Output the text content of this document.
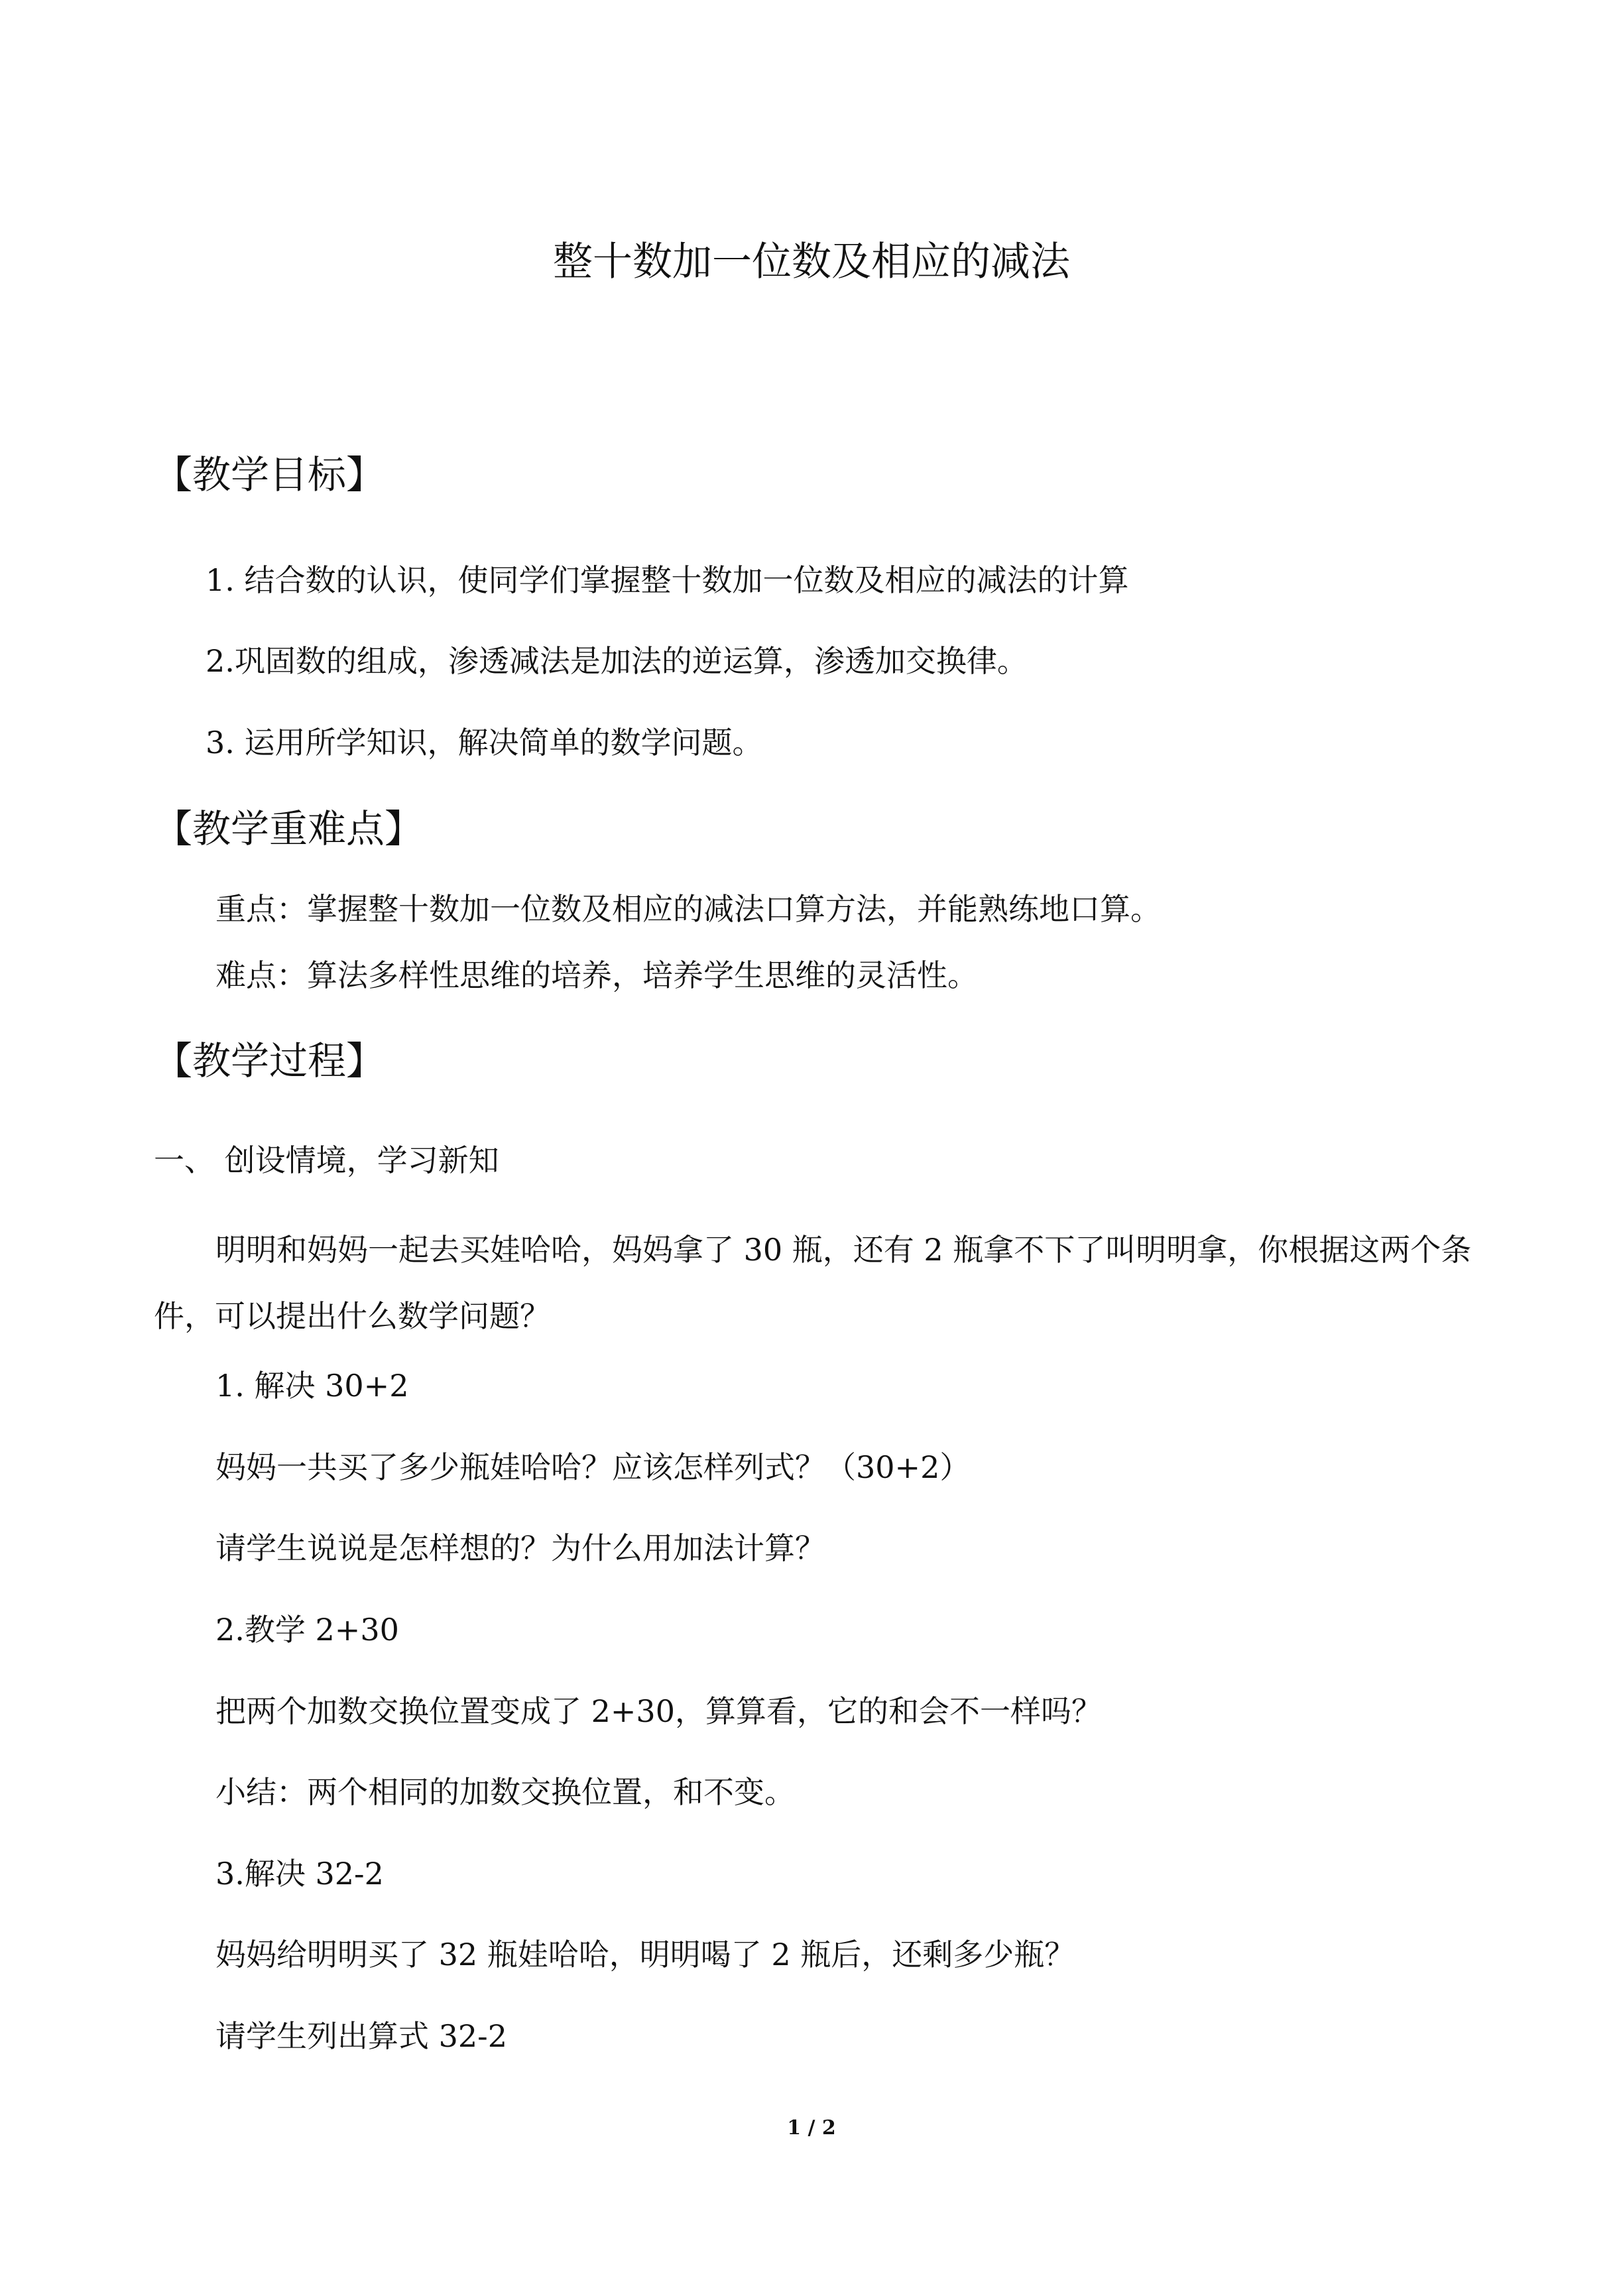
整十数加一位数及相应的减法
【教学目标】

1. 结合数的认识，使同学们掌握整十数加一位数及相应的减法的计算

2.巩固数的组成，渗透减法是加法的逆运算，渗透加交换律。

3. 运用所学知识，解决简单的数学问题。

【教学重难点】

重点：掌握整十数加一位数及相应的减法口算方法，并能熟练地口算。

难点：算法多样性思维的培养，培养学生思维的灵活性。

【教学过程】

一、 创设情境，学习新知

明明和妈妈一起去买娃哈哈，妈妈拿了 30 瓶，还有 2 瓶拿不下了叫明明拿，你根据这两个条件，可以提出什么数学问题？

1. 解决 30+2

妈妈一共买了多少瓶娃哈哈？应该怎样列式？（30+2）

请学生说说是怎样想的？为什么用加法计算？

2.教学 2+30

把两个加数交换位置变成了 2+30，算算看，它的和会不一样吗？

小结：两个相同的加数交换位置，和不变。

3.解决 32-2

妈妈给明明买了 32 瓶娃哈哈，明明喝了 2 瓶后，还剩多少瓶？

请学生列出算式 32-2

1 / 2
